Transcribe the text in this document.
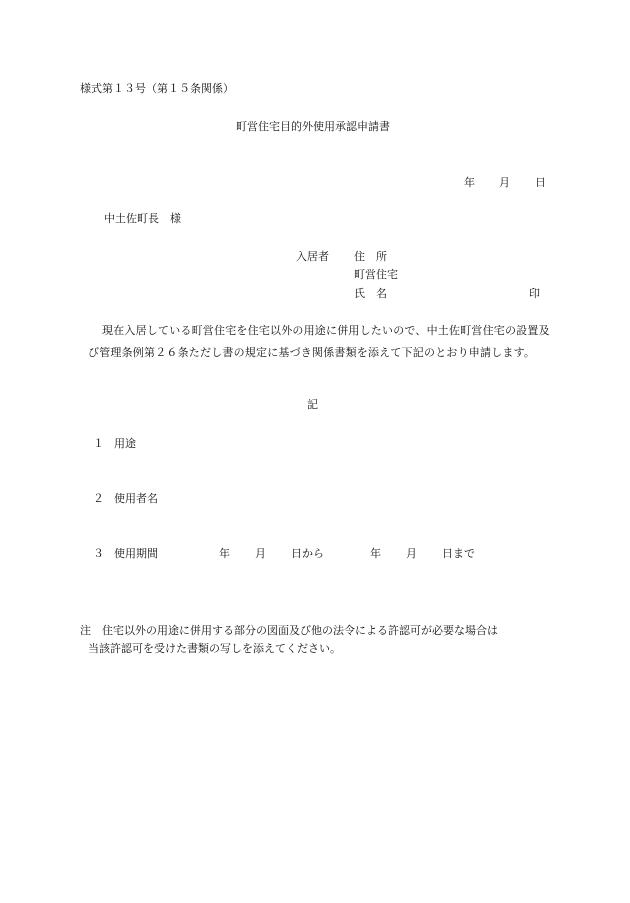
様式第１３号（第１５条関係）
町営住宅目的外使用承認申請書
年 月 日
中土佐町長　様
入居者 住　所
町営住宅
氏　名	印
現在入居している町営住宅を住宅以外の用途に併用したいので、中土佐町営住宅の設置及び管理条例第２６条ただし書の規定に基づき関係書類を添えて下記のとおり申請します。
記
１ 用途
２ 使用者名
３ 使用期間	年 月 日から	年 月 日まで
注 住宅以外の用途に併用する部分の図面及び他の法令による許認可が必要な場合は
当該許認可を受けた書類の写しを添えてください。
